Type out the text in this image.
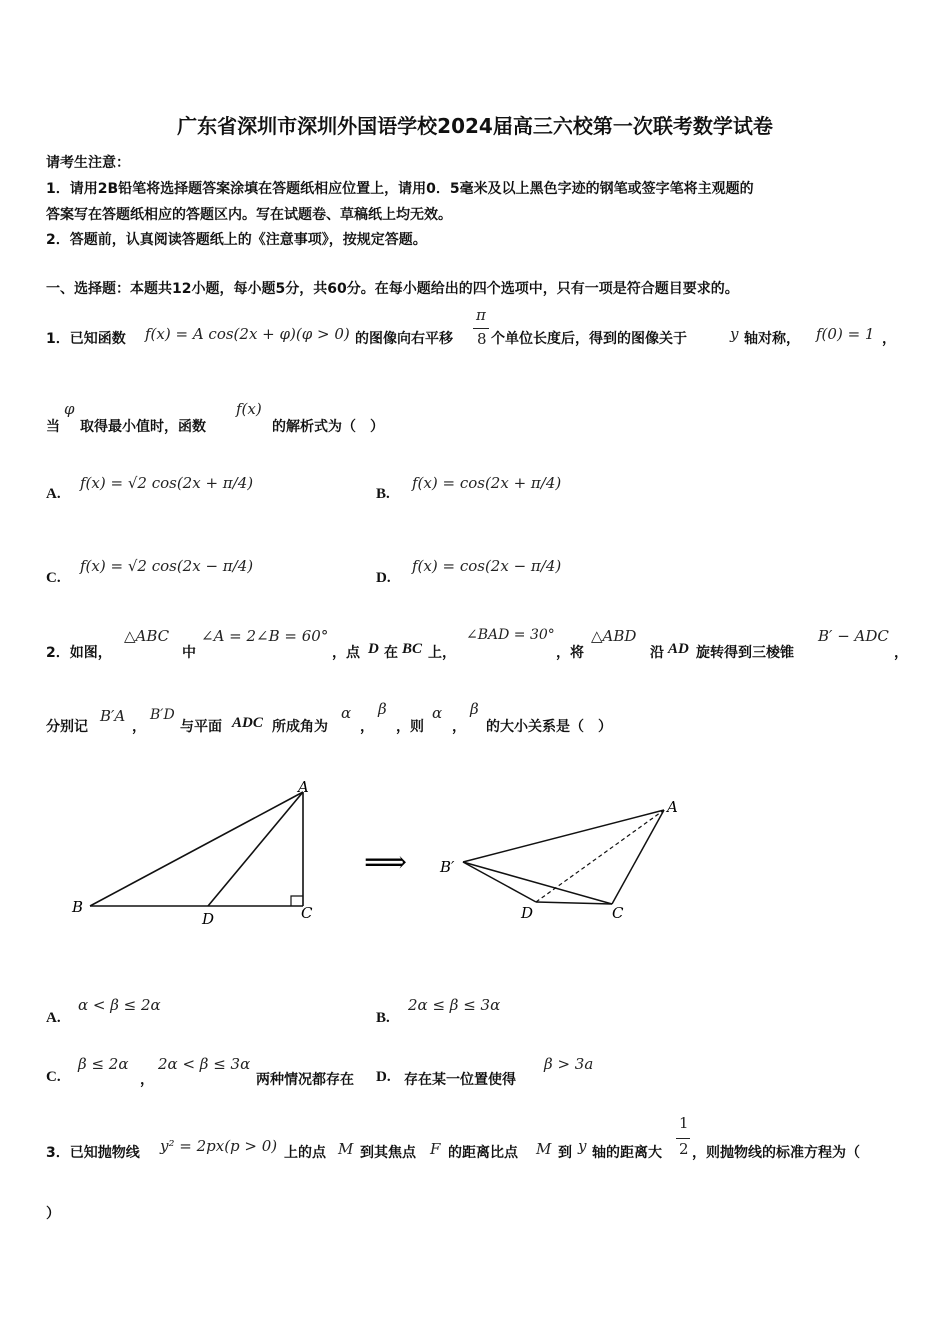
广东省深圳市深圳外国语学校2024届高三六校第一次联考数学试卷
请考生注意：
1．请用2B铅笔将选择题答案涂填在答题纸相应位置上，请用0．5毫米及以上黑色字迹的钢笔或签字笔将主观题的
答案写在答题纸相应的答题区内。写在试题卷、草稿纸上均无效。
2．答题前，认真阅读答题纸上的《注意事项》，按规定答题。
一、选择题：本题共12小题，每小题5分，共60分。在每小题给出的四个选项中，只有一项是符合题目要求的。
1．已知函数 f(x) = A cos(2x + φ)(φ > 0) 的图像向右平移
π
8 个单位长度后，得到的图像关于	y 轴对称， f(0) = 1 ，
当
φ
取得最小值时，函数
f(x)
的解析式为（　）
A.
f(x) = √2 cos(2x + π/4)
B.
f(x) = cos(2x + π/4)
C.
f(x) = √2 cos(2x − π/4)
D.
f(x) = cos(2x − π/4)
2．如图，
△ABC
中
∠A = 2∠B = 60°
，点 D 在 BC 上，
∠BAD = 30°
，将
△ABD
沿 AD 旋转得到三棱锥
B′ − ADC
，
分别记
B′A
，
B′D
与平面 ADC 所成角为
α
，
β
，则
α
，
β
的大小关系是（　）
A
B	C
D
⟹
A
B′
C
D
A.
α < β ≤ 2α
B.
2α ≤ β ≤ 3α
C.
β ≤ 2α
，
2α < β ≤ 3α
两种情况都存在 D. 存在某一位置使得
β > 3a
3．已知抛物线 y² = 2px(p > 0) 上的点 M 到其焦点 F 的距离比点 M 到 y 轴的距离大
1
2 ，则抛物线的标准方程为（
）
